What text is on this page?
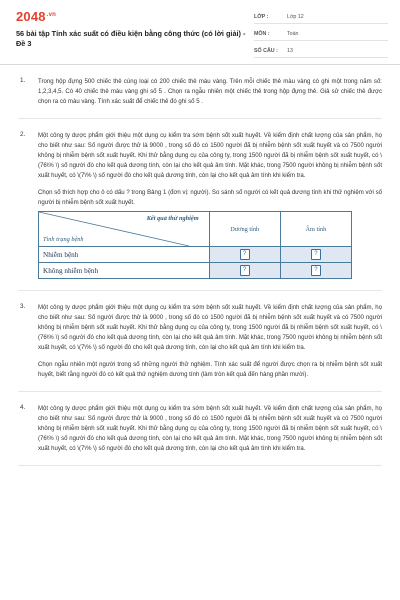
$2048^{.vn}$
56 bài tập Tính xác suất có điều kiện bằng công thức (có lời giải) - Đề 3
LỚP :	Lớp 12
MÔN :	Toán
SỐ CÂU :	13
1. Trong hộp đựng 500 chiếc thẻ cùng loại có 200 chiếc thẻ màu vàng. Trên mỗi chiếc thẻ màu vàng có ghi một trong năm số: 1,2,3,4,5. Có 40 chiếc thẻ màu vàng ghi số 5 . Chọn ra ngẫu nhiên một chiếc thẻ trong hộp đựng thẻ. Giả sử chiếc thẻ được chọn ra có màu vàng. Tính xác suất để chiếc thẻ đó ghi số 5 .

2. Một công ty dược phẩm giới thiệu một dụng cụ kiểm tra sớm bệnh sốt xuất huyết. Về kiểm định chất lượng của sản phẩm, họ cho biết như sau: Số người được thử là 9000 , trong số đó có 1500 người đã bị nhiễm bệnh sốt xuất huyết và có 7500 người không bị nhiễm bệnh sốt xuất huyết. Khi thử bằng dụng cụ của công ty, trong 1500 người đã bị nhiễm bệnh sốt xuất huyết, có \(76\% \) số người đó cho kết quả dương tính, còn lại cho kết quả âm tính. Mặt khác, trong 7500 người không bị nhiễm bệnh sốt xuất huyết, có \(7\% \) số người đó cho kết quả dương tính, còn lại cho kết quả âm tính khi kiểm tra.

Chọn số thích hợp cho ô có dấu ? trong Bảng 1 (đơn vị: người). So sánh số người có kết quả dương tính khi thử nghiệm với số người bị nhiễm bệnh sốt xuất huyết.

Kết quả thử nghiệm
Tình trạng bệnh	Dương tính	Âm tính
Nhiễm bệnh	?	?
Không nhiễm bệnh	?	?
3. Một công ty dược phẩm giới thiệu một dụng cụ kiểm tra sớm bệnh sốt xuất huyết. Về kiểm định chất lượng của sản phẩm, họ cho biết như sau: Số người được thử là 9000 , trong số đó có 1500 người đã bị nhiễm bệnh sốt xuất huyết và có 7500 người không bị nhiễm bệnh sốt xuất huyết. Khi thử bằng dụng cụ của công ty, trong 1500 người đã bị nhiễm bệnh sốt xuất huyết, có \(76\% \) số người đó cho kết quả dương tính, còn lại cho kết quả âm tính. Mặt khác, trong 7500 người không bị nhiễm bệnh sốt xuất huyết, có \(7\% \) số người đó cho kết quả dương tính, còn lại cho kết quả âm tính khi kiểm tra.

Chọn ngẫu nhiên một người trong số những người thử nghiệm. Tính xác suất để người được chọn ra bị nhiễm bệnh sốt xuất huyết, biết rằng người đó có kết quả thử nghiệm dương tính (làm tròn kết quả đến hàng phần mười).

4. Một công ty dược phẩm giới thiệu một dụng cụ kiểm tra sớm bệnh sốt xuất huyết. Về kiểm định chất lượng của sản phẩm, họ cho biết như sau: Số người được thử là 9000 , trong số đó có 1500 người đã bị nhiễm bệnh sốt xuất huyết và có 7500 người không bị nhiễm bệnh sốt xuất huyết. Khi thử bằng dụng cụ của công ty, trong 1500 người đã bị nhiễm bệnh sốt xuất huyết, có \(76\% \) số người đó cho kết quả dương tính, còn lại cho kết quả âm tính. Mặt khác, trong 7500 người không bị nhiễm bệnh sốt xuất huyết, có \(7\% \) số người đó cho kết quả dương tính, còn lại cho kết quả âm tính khi kiểm tra.
